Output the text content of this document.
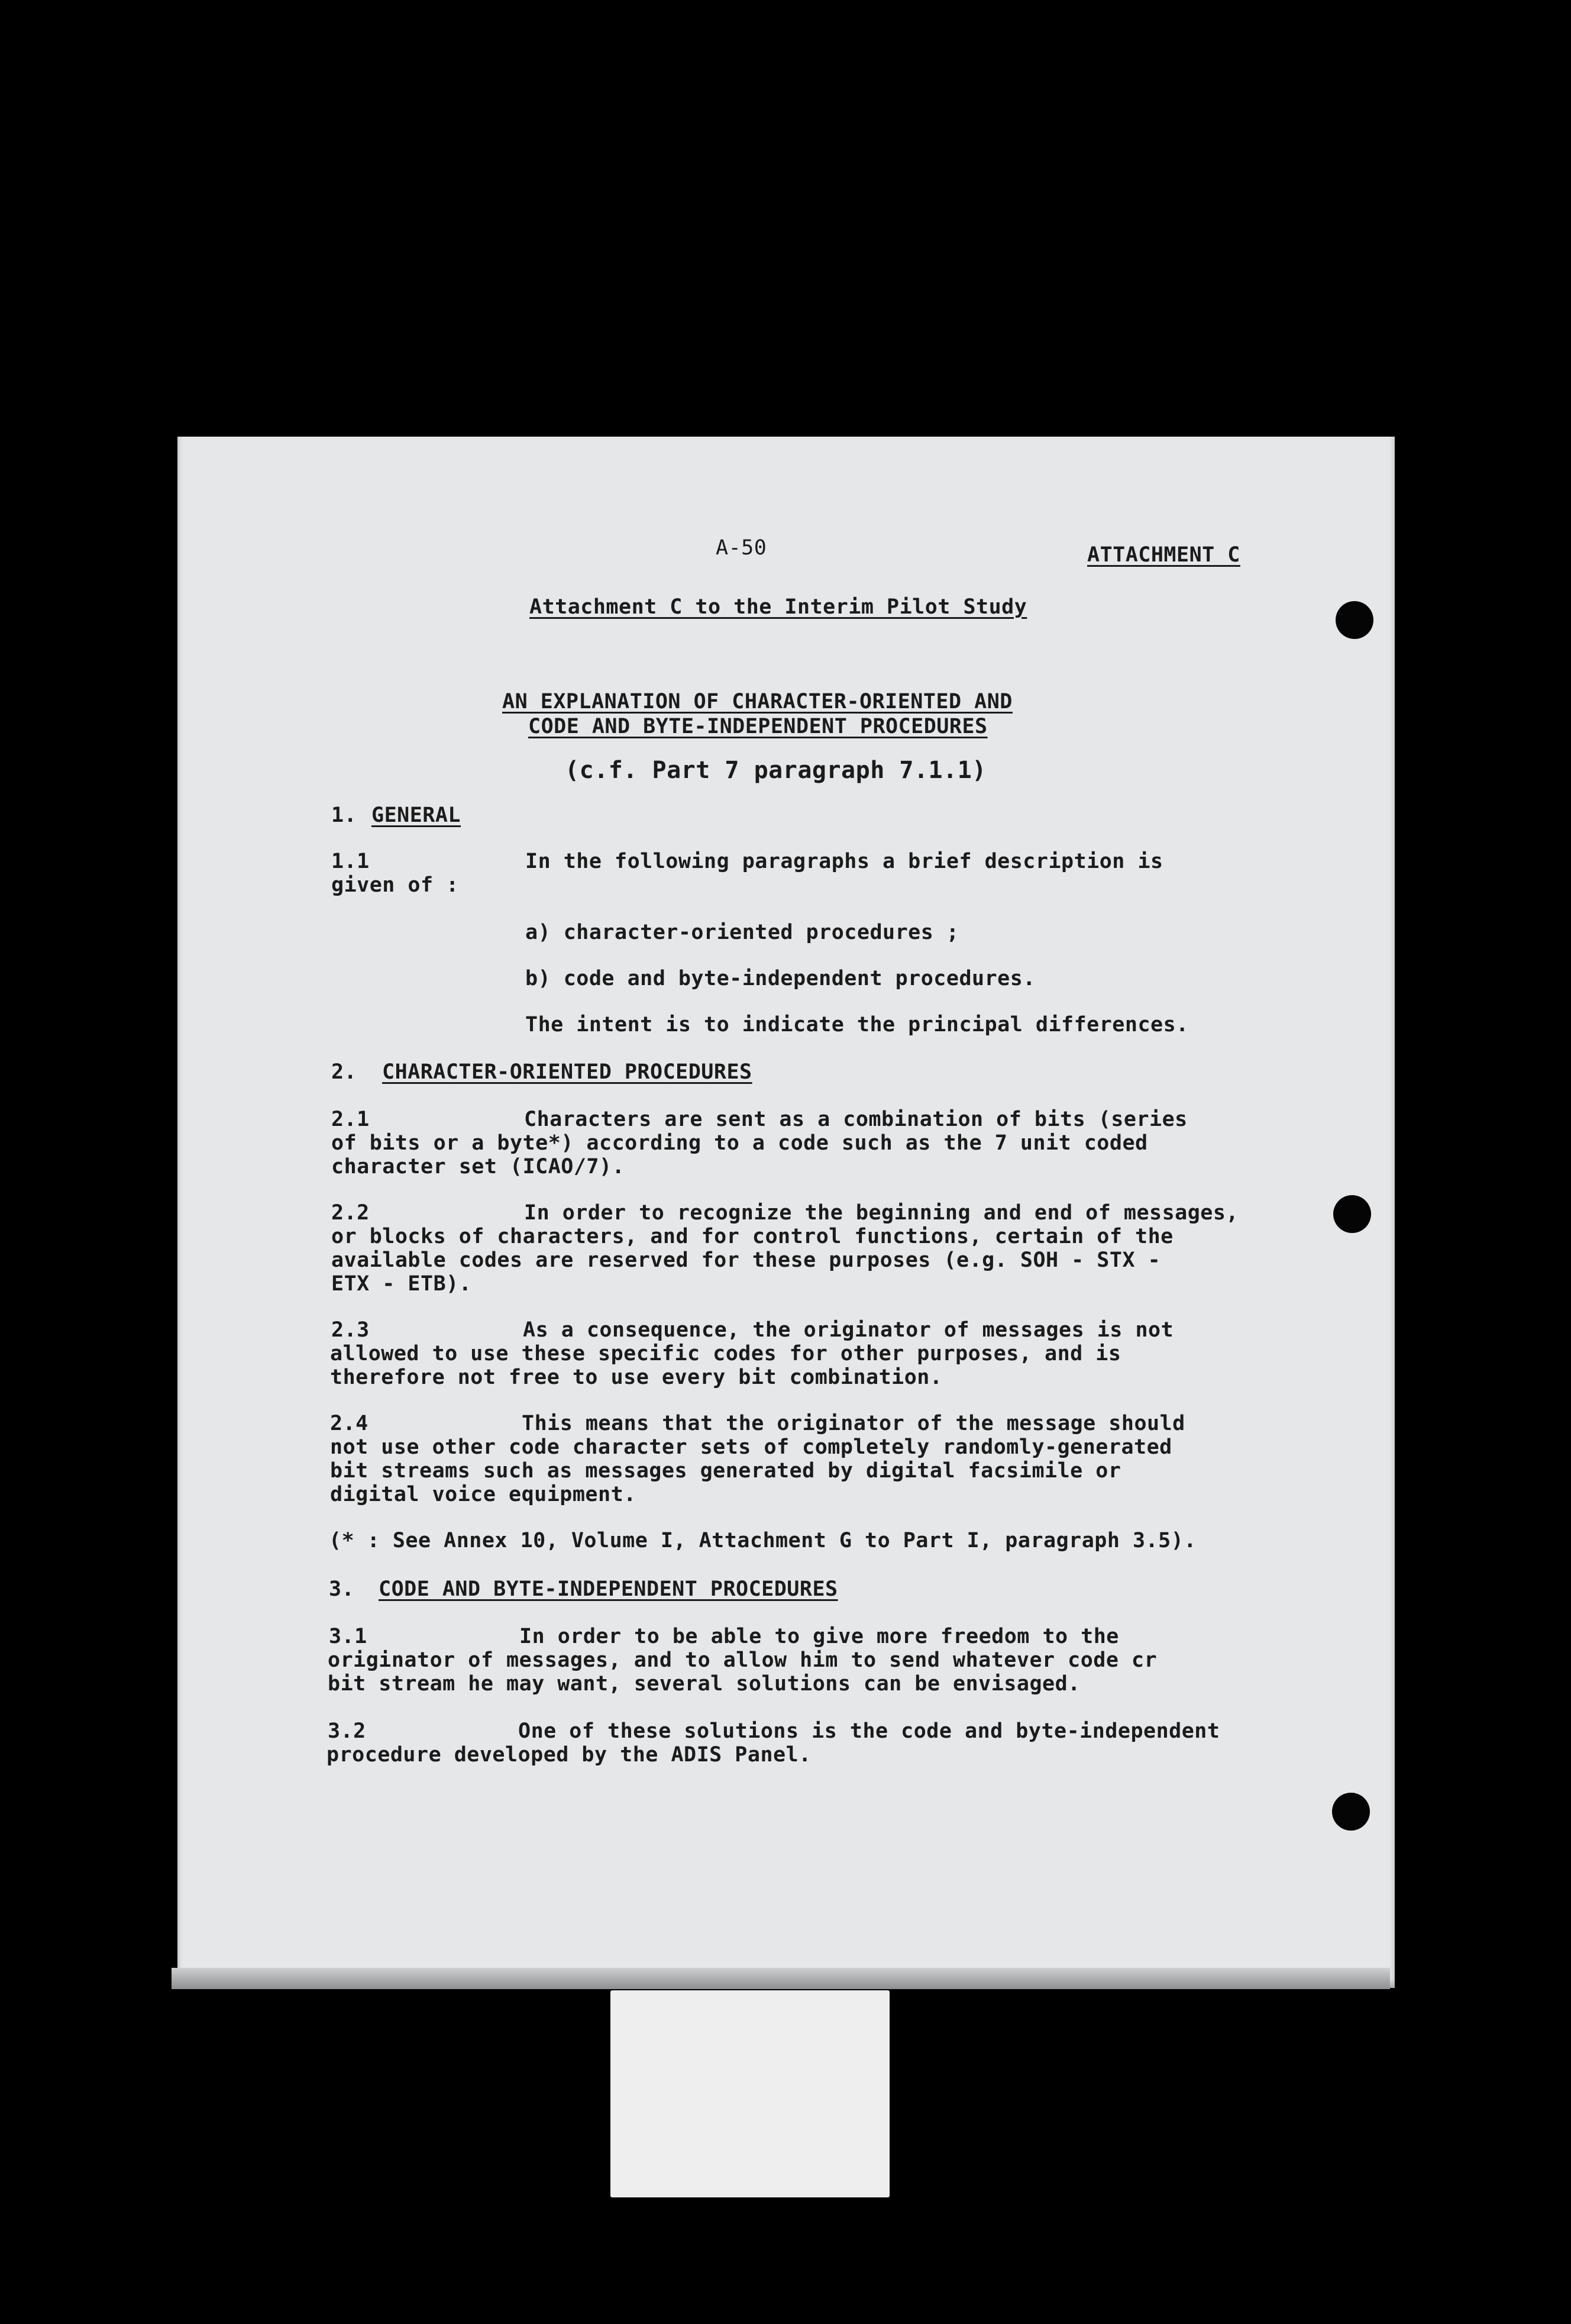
A-50	ATTACHMENT C
Attachment C to the Interim Pilot Study
AN EXPLANATION OF CHARACTER-ORIENTED AND
CODE AND BYTE-INDEPENDENT PROCEDURES
(c.f. Part 7 paragraph 7.1.1)
1. GENERAL
1.1	In the following paragraphs a brief description is
given of :
a) character-oriented procedures ;
b) code and byte-independent procedures.
The intent is to indicate the principal differences.
2. CHARACTER-ORIENTED PROCEDURES
2.1	Characters are sent as a combination of bits (series
of bits or a byte*) according to a code such as the 7 unit coded
character set (ICAO/7).
2.2	In order to recognize the beginning and end of messages,
or blocks of characters, and for control functions, certain of the
available codes are reserved for these purposes (e.g. SOH - STX -
ETX - ETB).
2.3	As a consequence, the originator of messages is not
allowed to use these specific codes for other purposes, and is
therefore not free to use every bit combination.
2.4	This means that the originator of the message should
not use other code character sets of completely randomly-generated
bit streams such as messages generated by digital facsimile or
digital voice equipment.
(* : See Annex 10, Volume I, Attachment G to Part I, paragraph 3.5).
3. CODE AND BYTE-INDEPENDENT PROCEDURES
3.1	In order to be able to give more freedom to the
originator of messages, and to allow him to send whatever code cr
bit stream he may want, several solutions can be envisaged.
3.2	One of these solutions is the code and byte-independent
procedure developed by the ADIS Panel.
